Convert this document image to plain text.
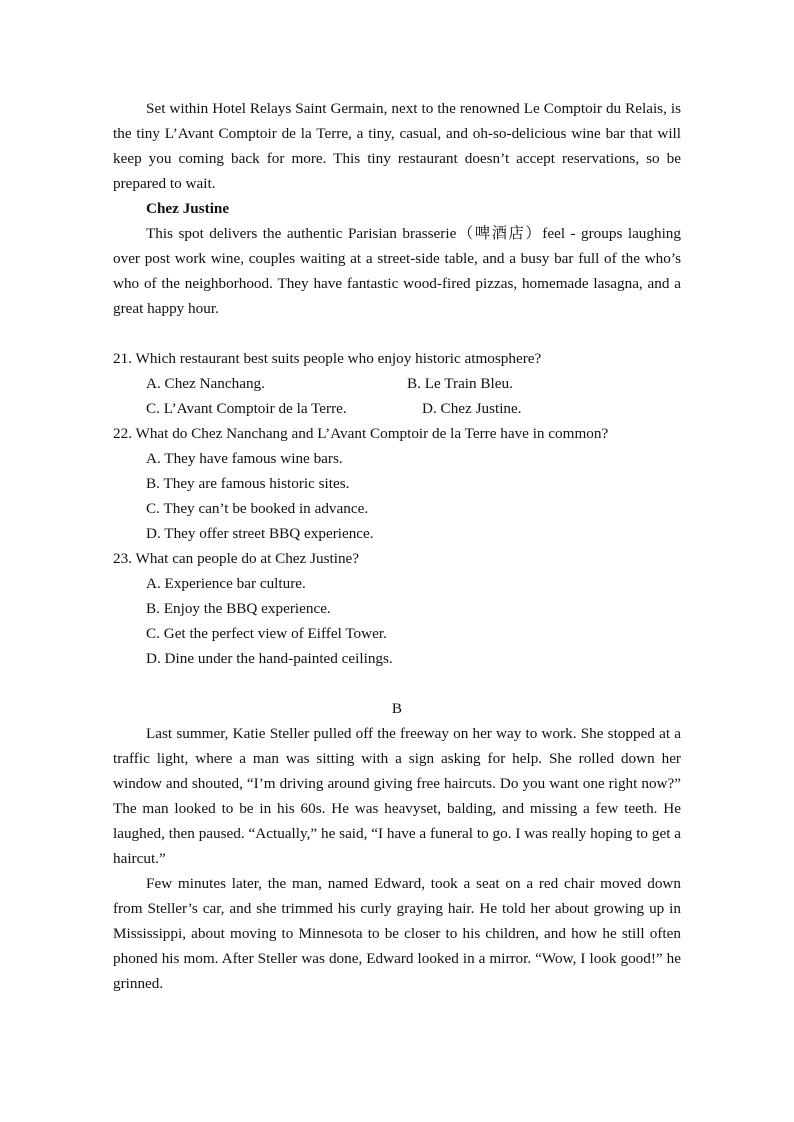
Set within Hotel Relays Saint Germain, next to the renowned Le Comptoir du Relais, is the tiny L’Avant Comptoir de la Terre, a tiny, casual, and oh-so-delicious wine bar that will keep you coming back for more. This tiny restaurant doesn’t accept reservations, so be prepared to wait.

Chez Justine

This spot delivers the authentic Parisian brasserie（啤酒店）feel - groups laughing over post work wine, couples waiting at a street-side table, and a busy bar full of the who’s who of the neighborhood. They have fantastic wood-fired pizzas, homemade lasagna, and a great happy hour.

21. Which restaurant best suits people who enjoy historic atmosphere?

A. Chez Nanchang.	B. Le Train Bleu.
C. L’Avant Comptoir de la Terre.	D. Chez Justine.

22. What do Chez Nanchang and L’Avant Comptoir de la Terre have in common?

A. They have famous wine bars.

B. They are famous historic sites.

C. They can’t be booked in advance.

D. They offer street BBQ experience.

23. What can people do at Chez Justine?

A. Experience bar culture.

B. Enjoy the BBQ experience.

C. Get the perfect view of Eiffel Tower.

D. Dine under the hand-painted ceilings.

B

Last summer, Katie Steller pulled off the freeway on her way to work. She stopped at a traffic light, where a man was sitting with a sign asking for help. She rolled down her window and shouted, “I’m driving around giving free haircuts. Do you want one right now?” The man looked to be in his 60s. He was heavyset, balding, and missing a few teeth. He laughed, then paused. “Actually,” he said, “I have a funeral to go. I was really hoping to get a haircut.”

Few minutes later, the man, named Edward, took a seat on a red chair moved down from Steller’s car, and she trimmed his curly graying hair. He told her about growing up in Mississippi, about moving to Minnesota to be closer to his children, and how he still often phoned his mom. After Steller was done, Edward looked in a mirror. “Wow, I look good!” he grinned.
